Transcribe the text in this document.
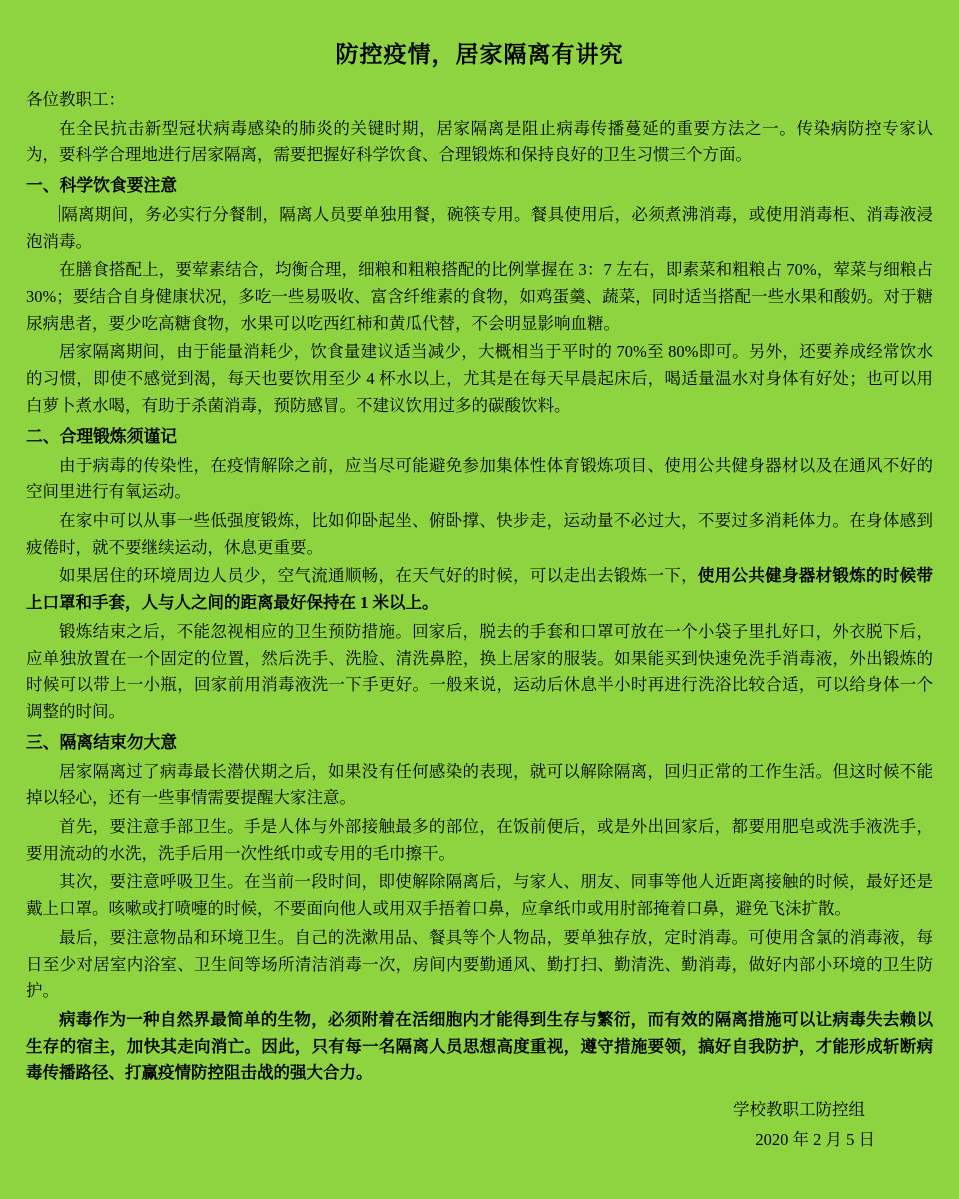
防控疫情，居家隔离有讲究

各位教职工：

在全民抗击新型冠状病毒感染的肺炎的关键时期，居家隔离是阻止病毒传播蔓延的重要方法之一。传染病防控专家认为，要科学合理地进行居家隔离，需要把握好科学饮食、合理锻炼和保持良好的卫生习惯三个方面。

一、科学饮食要注意

隔离期间，务必实行分餐制，隔离人员要单独用餐，碗筷专用。餐具使用后，必须煮沸消毒，或使用消毒柜、消毒液浸泡消毒。

在膳食搭配上，要荤素结合，均衡合理，细粮和粗粮搭配的比例掌握在 3：7 左右，即素菜和粗粮占 70%，荤菜与细粮占 30%；要结合自身健康状况，多吃一些易吸收、富含纤维素的食物，如鸡蛋羹、蔬菜，同时适当搭配一些水果和酸奶。对于糖尿病患者，要少吃高糖食物，水果可以吃西红柿和黄瓜代替，不会明显影响血糖。

居家隔离期间，由于能量消耗少，饮食量建议适当减少，大概相当于平时的 70%至 80%即可。另外，还要养成经常饮水的习惯，即使不感觉到渴，每天也要饮用至少 4 杯水以上，尤其是在每天早晨起床后，喝适量温水对身体有好处；也可以用白萝卜煮水喝，有助于杀菌消毒，预防感冒。不建议饮用过多的碳酸饮料。

二、合理锻炼须谨记

由于病毒的传染性，在疫情解除之前，应当尽可能避免参加集体性体育锻炼项目、使用公共健身器材以及在通风不好的空间里进行有氧运动。

在家中可以从事一些低强度锻炼，比如仰卧起坐、俯卧撑、快步走，运动量不必过大，不要过多消耗体力。在身体感到疲倦时，就不要继续运动，休息更重要。

如果居住的环境周边人员少，空气流通顺畅，在天气好的时候，可以走出去锻炼一下，使用公共健身器材锻炼的时候带上口罩和手套，人与人之间的距离最好保持在 1 米以上。

锻炼结束之后，不能忽视相应的卫生预防措施。回家后，脱去的手套和口罩可放在一个小袋子里扎好口，外衣脱下后，应单独放置在一个固定的位置，然后洗手、洗脸、清洗鼻腔，换上居家的服装。如果能买到快速免洗手消毒液，外出锻炼的时候可以带上一小瓶，回家前用消毒液洗一下手更好。一般来说，运动后休息半小时再进行洗浴比较合适，可以给身体一个调整的时间。

三、隔离结束勿大意

居家隔离过了病毒最长潜伏期之后，如果没有任何感染的表现，就可以解除隔离，回归正常的工作生活。但这时候不能掉以轻心，还有一些事情需要提醒大家注意。

首先，要注意手部卫生。手是人体与外部接触最多的部位，在饭前便后，或是外出回家后，都要用肥皂或洗手液洗手，要用流动的水洗，洗手后用一次性纸巾或专用的毛巾擦干。

其次，要注意呼吸卫生。在当前一段时间，即使解除隔离后，与家人、朋友、同事等他人近距离接触的时候，最好还是戴上口罩。咳嗽或打喷嚏的时候，不要面向他人或用双手捂着口鼻，应拿纸巾或用肘部掩着口鼻，避免飞沫扩散。

最后，要注意物品和环境卫生。自己的洗漱用品、餐具等个人物品，要单独存放，定时消毒。可使用含氯的消毒液，每日至少对居室内浴室、卫生间等场所清洁消毒一次，房间内要勤通风、勤打扫、勤清洗、勤消毒，做好内部小环境的卫生防护。

病毒作为一种自然界最简单的生物，必须附着在活细胞内才能得到生存与繁衍，而有效的隔离措施可以让病毒失去赖以生存的宿主，加快其走向消亡。因此，只有每一名隔离人员思想高度重视，遵守措施要领，搞好自我防护，才能形成斩断病毒传播路径、打赢疫情防控阻击战的强大合力。

学校教职工防控组

2020 年 2 月 5 日
